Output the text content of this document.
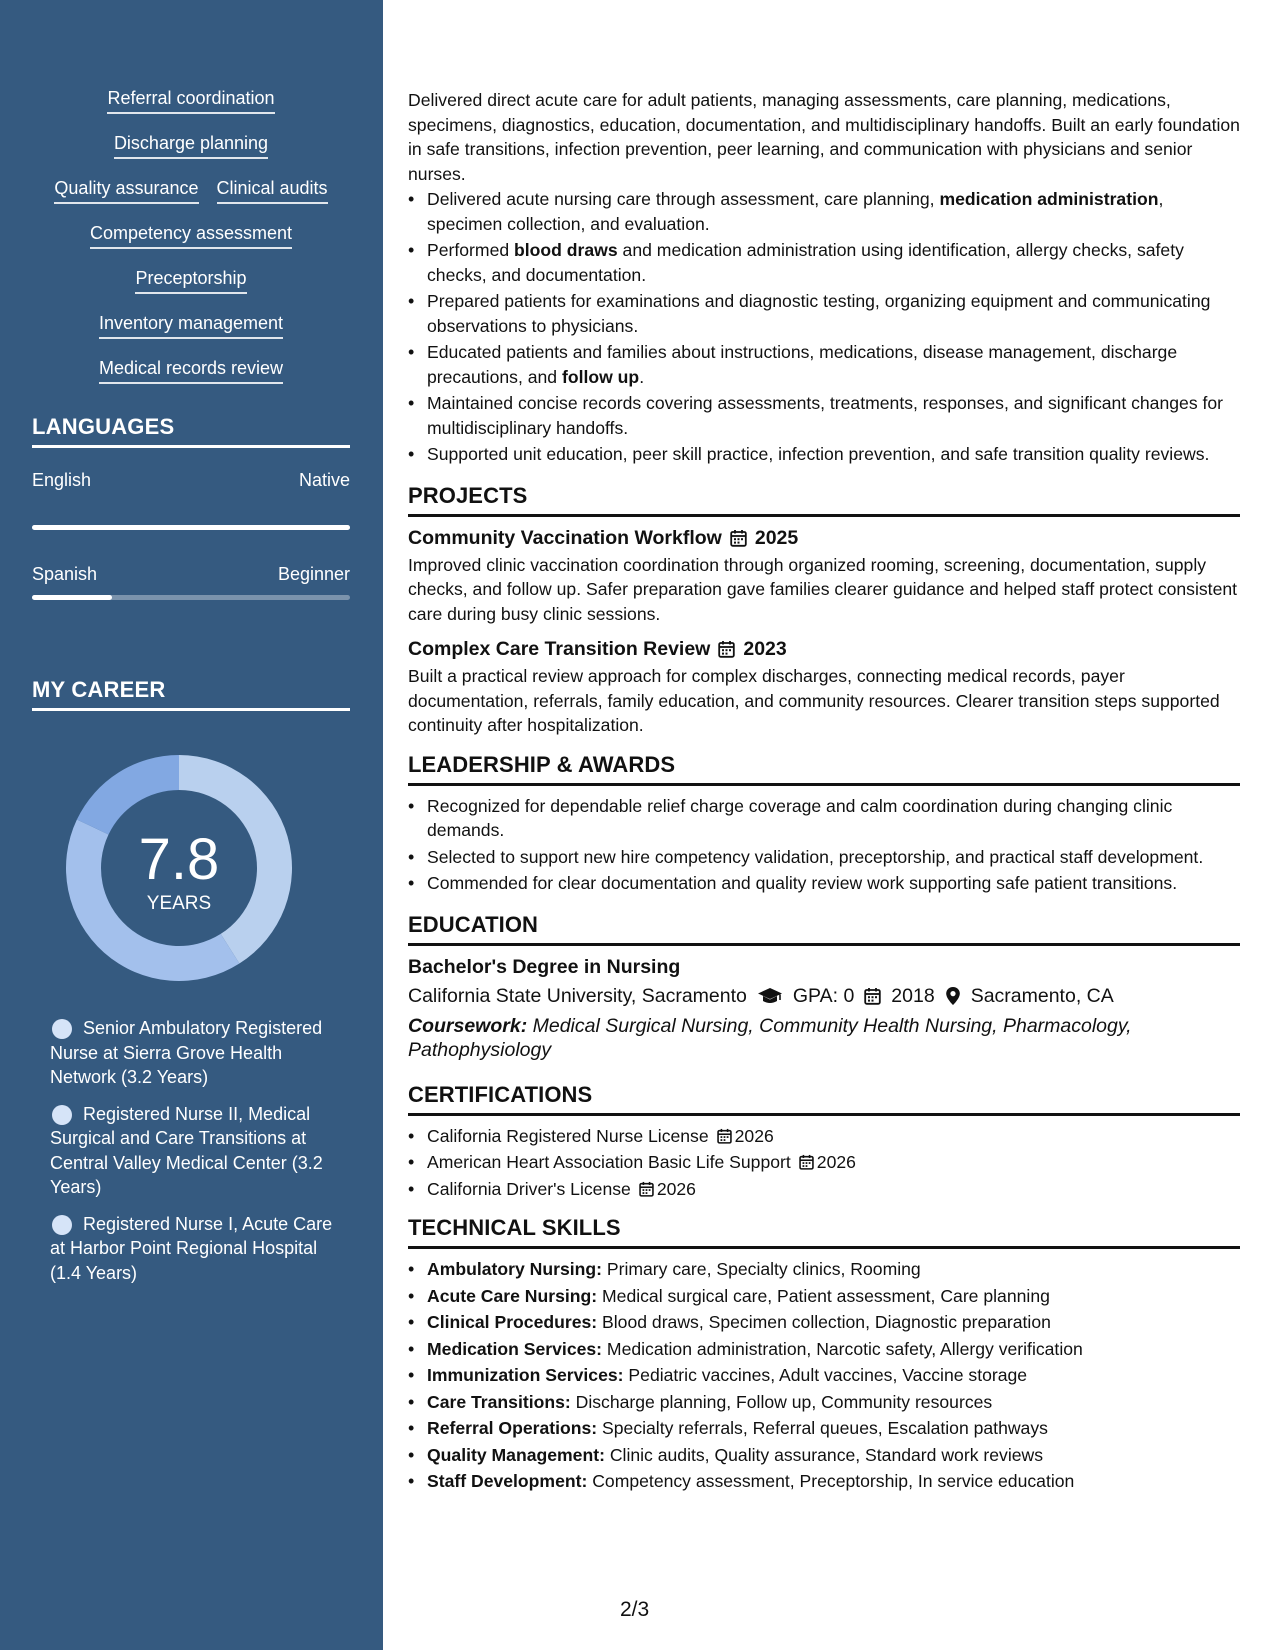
Referral coordination
Discharge planning
Quality assurance Clinical audits
Competency assessment
Preceptorship
Inventory management
Medical records review
LANGUAGES
English	Native
Spanish	Beginner
MY CAREER
7.8
YEARS
Senior Ambulatory Registered Nurse at Sierra Grove Health Network (3.2 Years)
Registered Nurse II, Medical Surgical and Care Transitions at Central Valley Medical Center (3.2 Years)
Registered Nurse I, Acute Care at Harbor Point Regional Hospital (1.4 Years)
Delivered direct acute care for adult patients, managing assessments, care planning, medications, specimens, diagnostics, education, documentation, and multidisciplinary handoffs. Built an early foundation in safe transitions, infection prevention, peer learning, and communication with physicians and senior nurses.
• Delivered acute nursing care through assessment, care planning, medication administration, specimen collection, and evaluation.
• Performed blood draws and medication administration using identification, allergy checks, safety checks, and documentation.
• Prepared patients for examinations and diagnostic testing, organizing equipment and communicating observations to physicians.
• Educated patients and families about instructions, medications, disease management, discharge precautions, and follow up.
• Maintained concise records covering assessments, treatments, responses, and significant changes for multidisciplinary handoffs.
• Supported unit education, peer skill practice, infection prevention, and safe transition quality reviews.
PROJECTS
Community Vaccination Workflow 2025
Improved clinic vaccination coordination through organized rooming, screening, documentation, supply checks, and follow up. Safer preparation gave families clearer guidance and helped staff protect consistent care during busy clinic sessions.
Complex Care Transition Review 2023
Built a practical review approach for complex discharges, connecting medical records, payer documentation, referrals, family education, and community resources. Clearer transition steps supported continuity after hospitalization.
LEADERSHIP & AWARDS
• Recognized for dependable relief charge coverage and calm coordination during changing clinic demands.
• Selected to support new hire competency validation, preceptorship, and practical staff development.
• Commended for clear documentation and quality review work supporting safe patient transitions.
EDUCATION
Bachelor's Degree in Nursing
California State University, Sacramento GPA: 0 2018 Sacramento, CA
Coursework: Medical Surgical Nursing, Community Health Nursing, Pharmacology, Pathophysiology
CERTIFICATIONS
• California Registered Nurse License 2026
• American Heart Association Basic Life Support 2026
• California Driver's License 2026
TECHNICAL SKILLS
• Ambulatory Nursing: Primary care, Specialty clinics, Rooming
• Acute Care Nursing: Medical surgical care, Patient assessment, Care planning
• Clinical Procedures: Blood draws, Specimen collection, Diagnostic preparation
• Medication Services: Medication administration, Narcotic safety, Allergy verification
• Immunization Services: Pediatric vaccines, Adult vaccines, Vaccine storage
• Care Transitions: Discharge planning, Follow up, Community resources
• Referral Operations: Specialty referrals, Referral queues, Escalation pathways
• Quality Management: Clinic audits, Quality assurance, Standard work reviews
• Staff Development: Competency assessment, Preceptorship, In service education
2/3
